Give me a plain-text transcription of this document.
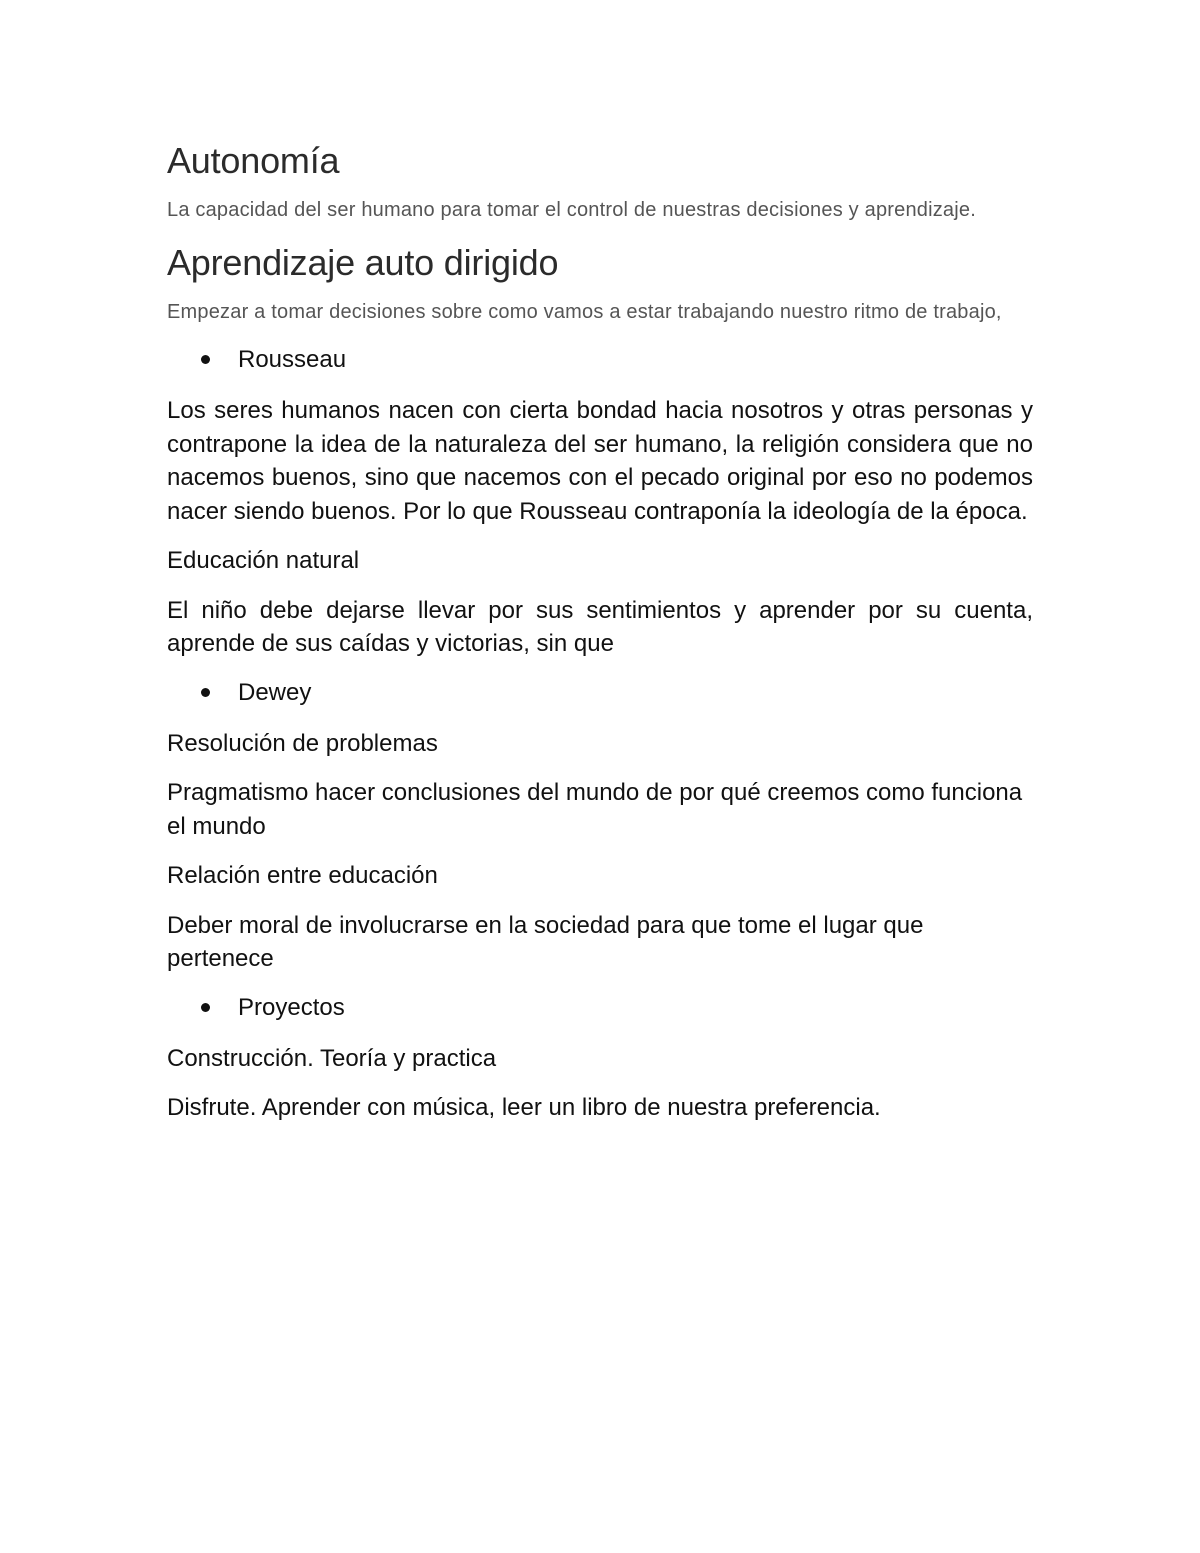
Autonomía

La capacidad del ser humano para tomar el control de nuestras decisiones y aprendizaje.

Aprendizaje auto dirigido

Empezar a tomar decisiones sobre como vamos a estar trabajando nuestro ritmo de trabajo,

Rousseau

Los seres humanos nacen con cierta bondad hacia nosotros y otras personas y contrapone la idea de la naturaleza del ser humano, la religión considera que no nacemos buenos, sino que nacemos con el pecado original por eso no podemos nacer siendo buenos. Por lo que Rousseau contraponía la ideología de la época.

Educación natural

El niño debe dejarse llevar por sus sentimientos y aprender por su cuenta, aprende de sus caídas y victorias, sin que

Dewey

Resolución de problemas

Pragmatismo hacer conclusiones del mundo de por qué creemos como funciona el mundo

Relación entre educación

Deber moral de involucrarse en la sociedad para que tome el lugar que pertenece

Proyectos

Construcción. Teoría y practica

Disfrute. Aprender con música, leer un libro de nuestra preferencia.
